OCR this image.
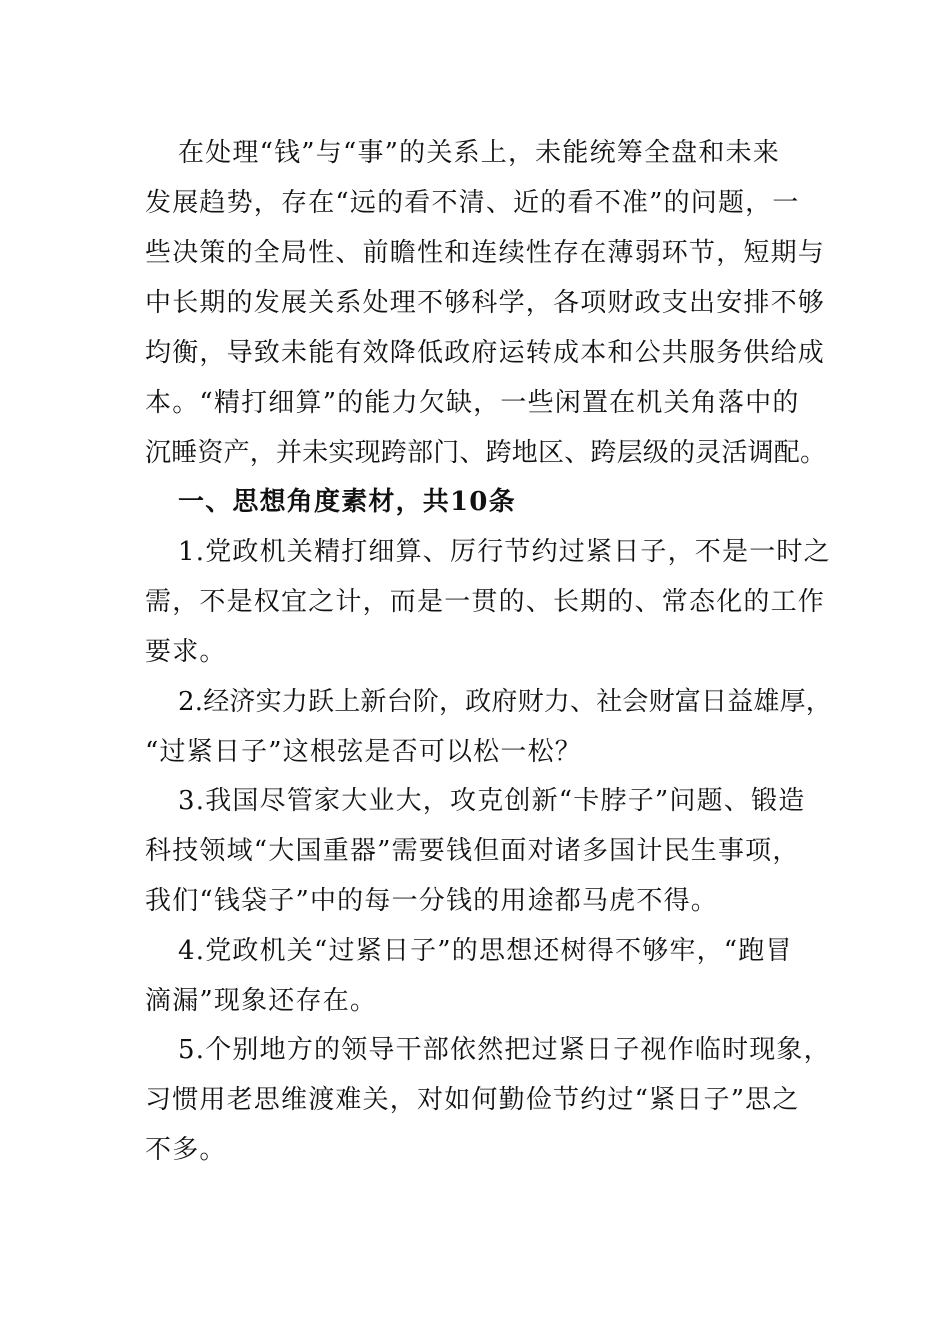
在处理“钱”与“事”的关系上，未能统筹全盘和未来
发展趋势，存在“远的看不清、近的看不准”的问题，一
些决策的全局性、前瞻性和连续性存在薄弱环节，短期与
中长期的发展关系处理不够科学，各项财政支出安排不够
均衡，导致未能有效降低政府运转成本和公共服务供给成
本。“精打细算”的能力欠缺，一些闲置在机关角落中的
沉睡资产，并未实现跨部门、跨地区、跨层级的灵活调配。
一、思想角度素材，共10条
1.党政机关精打细算、厉行节约过紧日子，不是一时之
需，不是权宜之计，而是一贯的、长期的、常态化的工作
要求。
2.经济实力跃上新台阶，政府财力、社会财富日益雄厚，
“过紧日子”这根弦是否可以松一松？
3.我国尽管家大业大，攻克创新“卡脖子”问题、锻造
科技领域“大国重器”需要钱但面对诸多国计民生事项，
我们“钱袋子”中的每一分钱的用途都马虎不得。
4.党政机关“过紧日子”的思想还树得不够牢，“跑冒
滴漏”现象还存在。
5.个别地方的领导干部依然把过紧日子视作临时现象，
习惯用老思维渡难关，对如何勤俭节约过“紧日子”思之
不多。
